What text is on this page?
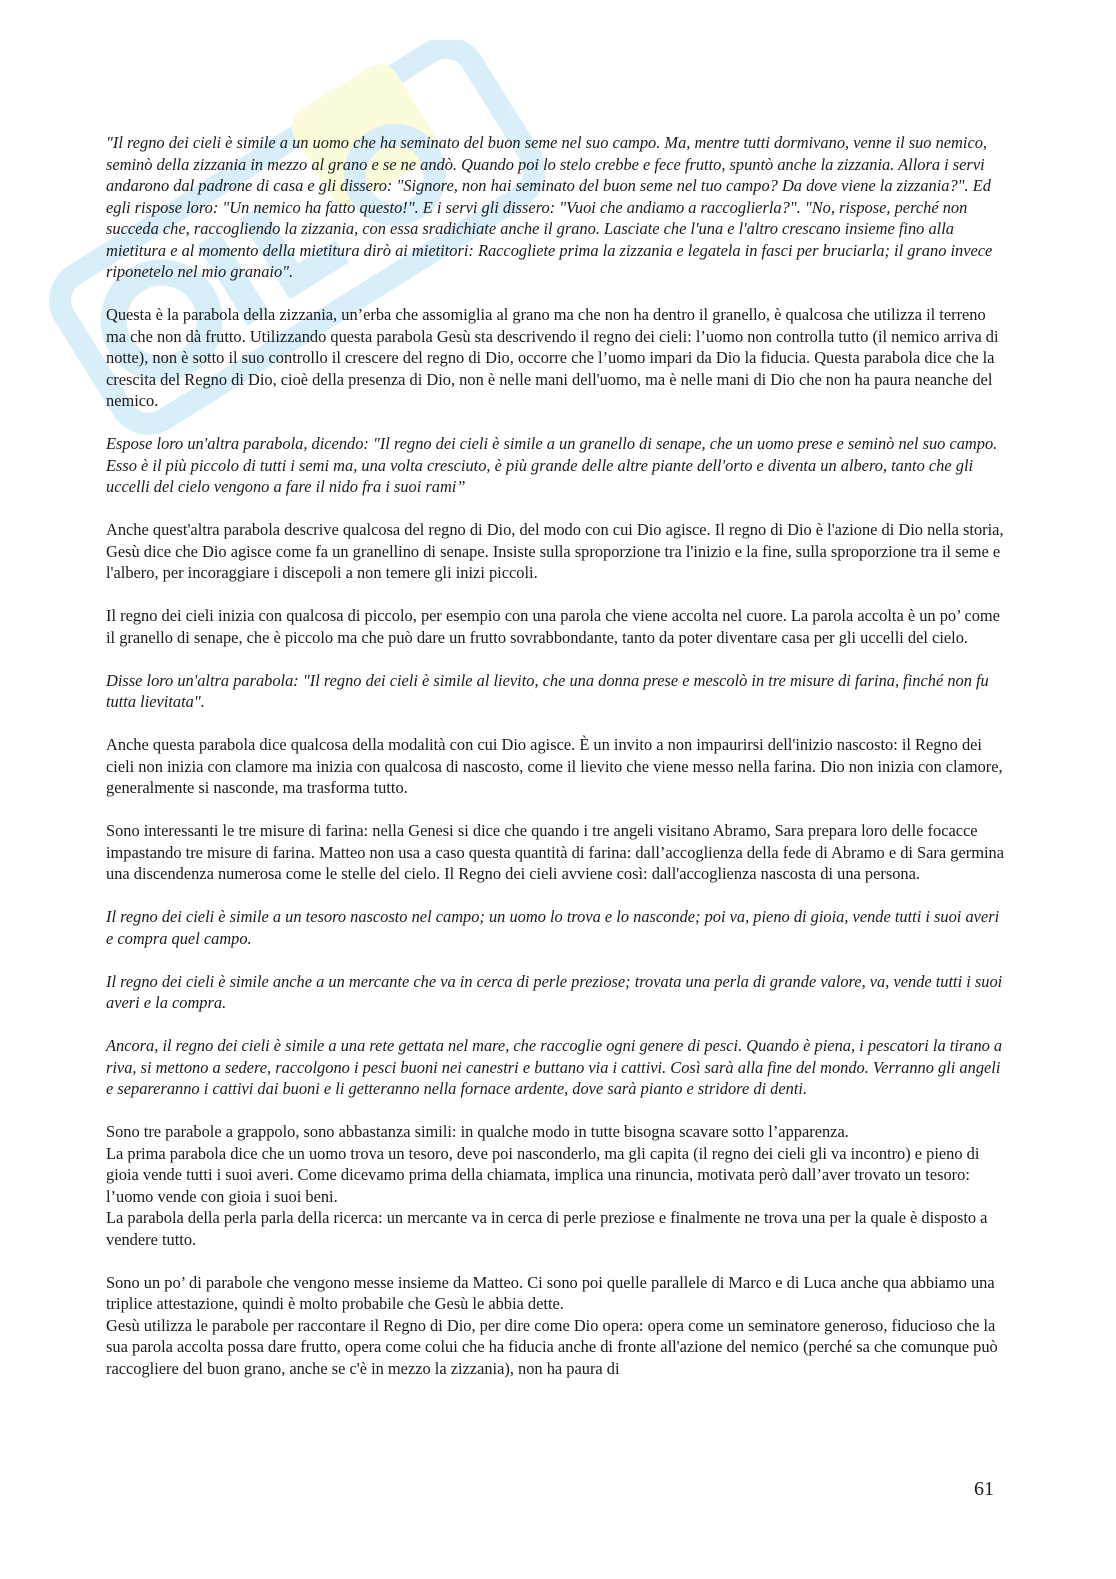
"Il regno dei cieli è simile a un uomo che ha seminato del buon seme nel suo campo. Ma, mentre tutti dormivano, venne il suo nemico, seminò della zizzania in mezzo al grano e se ne andò. Quando poi lo stelo crebbe e fece frutto, spuntò anche la zizzania. Allora i servi andarono dal padrone di casa e gli dissero: "Signore, non hai seminato del buon seme nel tuo campo? Da dove viene la zizzania?". Ed egli rispose loro: "Un nemico ha fatto questo!". E i servi gli dissero: "Vuoi che andiamo a raccoglierla?". "No, rispose, perché non succeda che, raccogliendo la zizzania, con essa sradichiate anche il grano. Lasciate che l'una e l'altro crescano insieme fino alla mietitura e al momento della mietitura dirò ai mietitori: Raccogliete prima la zizzania e legatela in fasci per bruciarla; il grano invece riponetelo nel mio granaio".

Questa è la parabola della zizzania, un’erba che assomiglia al grano ma che non ha dentro il granello, è qualcosa che utilizza il terreno ma che non dà frutto. Utilizzando questa parabola Gesù sta descrivendo il regno dei cieli: l’uomo non controlla tutto (il nemico arriva di notte), non è sotto il suo controllo il crescere del regno di Dio, occorre che l’uomo impari da Dio la fiducia. Questa parabola dice che la crescita del Regno di Dio, cioè della presenza di Dio, non è nelle mani dell'uomo, ma è nelle mani di Dio che non ha paura neanche del nemico.

Espose loro un'altra parabola, dicendo: "Il regno dei cieli è simile a un granello di senape, che un uomo prese e seminò nel suo campo. Esso è il più piccolo di tutti i semi ma, una volta cresciuto, è più grande delle altre piante dell'orto e diventa un albero, tanto che gli uccelli del cielo vengono a fare il nido fra i suoi rami”

Anche quest'altra parabola descrive qualcosa del regno di Dio, del modo con cui Dio agisce. Il regno di Dio è l'azione di Dio nella storia, Gesù dice che Dio agisce come fa un granellino di senape. Insiste sulla sproporzione tra l'inizio e la fine, sulla sproporzione tra il seme e l'albero, per incoraggiare i discepoli a non temere gli inizi piccoli.

Il regno dei cieli inizia con qualcosa di piccolo, per esempio con una parola che viene accolta nel cuore. La parola accolta è un po’ come il granello di senape, che è piccolo ma che può dare un frutto sovrabbondante, tanto da poter diventare casa per gli uccelli del cielo.

Disse loro un'altra parabola: "Il regno dei cieli è simile al lievito, che una donna prese e mescolò in tre misure di farina, finché non fu tutta lievitata".

Anche questa parabola dice qualcosa della modalità con cui Dio agisce. È un invito a non impaurirsi dell'inizio nascosto: il Regno dei cieli non inizia con clamore ma inizia con qualcosa di nascosto, come il lievito che viene messo nella farina. Dio non inizia con clamore, generalmente si nasconde, ma trasforma tutto.

Sono interessanti le tre misure di farina: nella Genesi si dice che quando i tre angeli visitano Abramo, Sara prepara loro delle focacce impastando tre misure di farina. Matteo non usa a caso questa quantità di farina: dall’accoglienza della fede di Abramo e di Sara germina una discendenza numerosa come le stelle del cielo. Il Regno dei cieli avviene così: dall'accoglienza nascosta di una persona.

Il regno dei cieli è simile a un tesoro nascosto nel campo; un uomo lo trova e lo nasconde; poi va, pieno di gioia, vende tutti i suoi averi e compra quel campo.

Il regno dei cieli è simile anche a un mercante che va in cerca di perle preziose; trovata una perla di grande valore, va, vende tutti i suoi averi e la compra.

Ancora, il regno dei cieli è simile a una rete gettata nel mare, che raccoglie ogni genere di pesci. Quando è piena, i pescatori la tirano a riva, si mettono a sedere, raccolgono i pesci buoni nei canestri e buttano via i cattivi. Così sarà alla fine del mondo. Verranno gli angeli e separeranno i cattivi dai buoni e li getteranno nella fornace ardente, dove sarà pianto e stridore di denti.

Sono tre parabole a grappolo, sono abbastanza simili: in qualche modo in tutte bisogna scavare sotto l’apparenza.

La prima parabola dice che un uomo trova un tesoro, deve poi nasconderlo, ma gli capita (il regno dei cieli gli va incontro) e pieno di gioia vende tutti i suoi averi. Come dicevamo prima della chiamata, implica una rinuncia, motivata però dall’aver trovato un tesoro: l’uomo vende con gioia i suoi beni.

La parabola della perla parla della ricerca: un mercante va in cerca di perle preziose e finalmente ne trova una per la quale è disposto a vendere tutto.

Sono un po’ di parabole che vengono messe insieme da Matteo. Ci sono poi quelle parallele di Marco e di Luca anche qua abbiamo una triplice attestazione, quindi è molto probabile che Gesù le abbia dette.

Gesù utilizza le parabole per raccontare il Regno di Dio, per dire come Dio opera: opera come un seminatore generoso, fiducioso che la sua parola accolta possa dare frutto, opera come colui che ha fiducia anche di fronte all'azione del nemico (perché sa che comunque può raccogliere del buon grano, anche se c'è in mezzo la zizzania), non ha paura di

61
